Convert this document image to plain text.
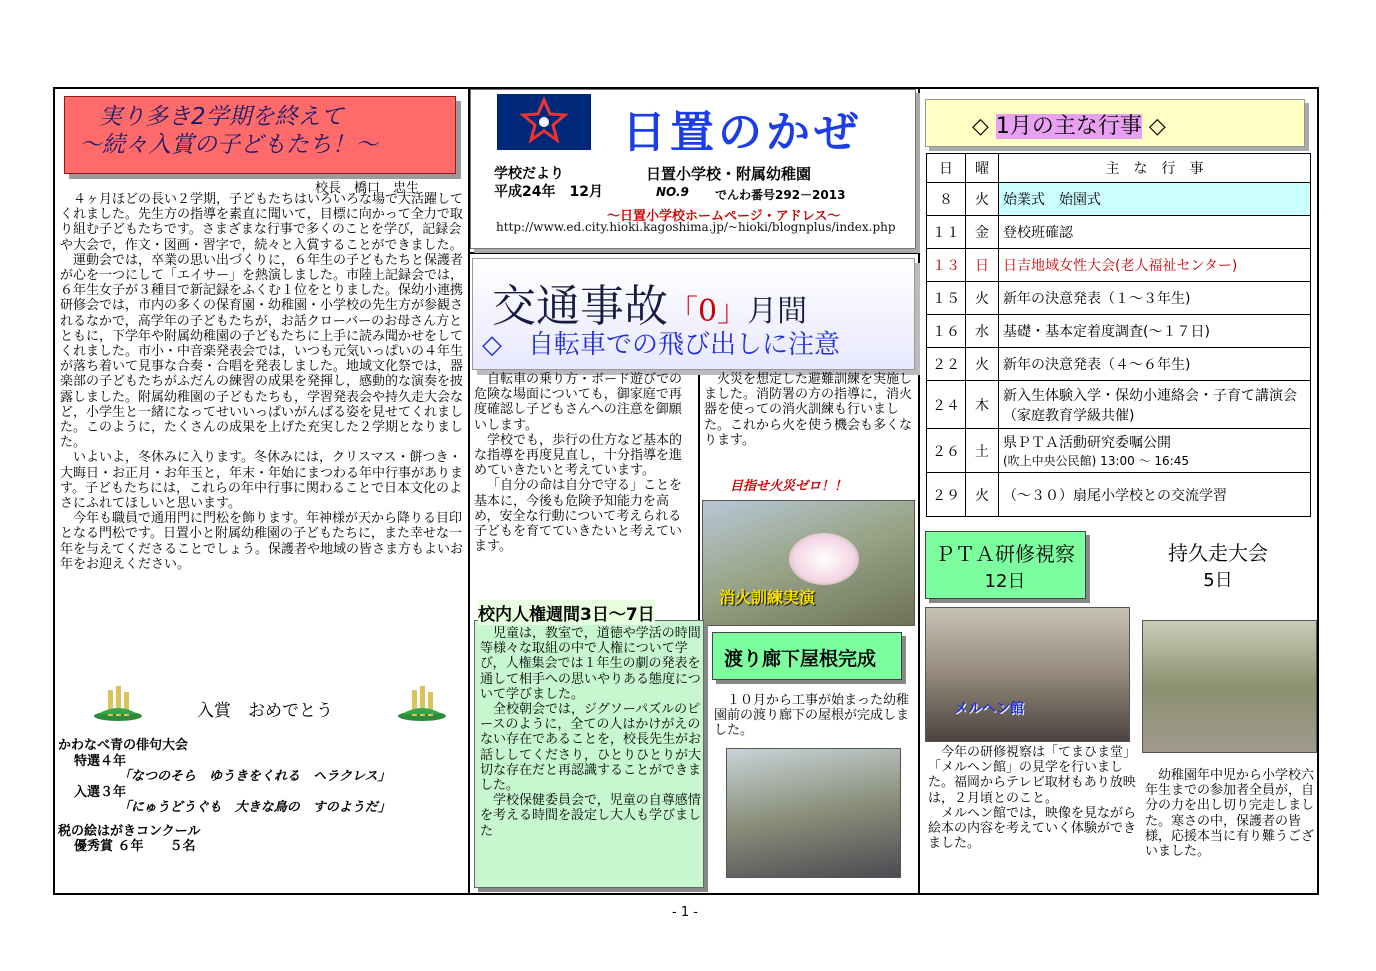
実り多き2学期を終えて
～続々入賞の子どもたち！～
校長　橋口　忠生

４ヶ月ほどの長い２学期，子どもたちはいろいろな場で大活躍してくれました。先生方の指導を素直に聞いて，目標に向かって全力で取り組む子どもたちです。さまざまな行事で多くのことを学び，記録会や大会で，作文・図画・習字で，続々と入賞することができました。

運動会では，卒業の思い出づくりに，６年生の子どもたちと保護者が心を一つにして「エイサー」を熱演しました。市陸上記録会では，６年生女子が３種目で新記録をふくむ１位をとりました。保幼小連携研修会では，市内の多くの保育園・幼稚園・小学校の先生方が参観されるなかで，高学年の子どもたちが，お話クローバーのお母さん方とともに，下学年や附属幼稚園の子どもたちに上手に読み聞かせをしてくれました。市小・中音楽発表会では，いつも元気いっぱいの４年生が落ち着いて見事な合奏・合唱を発表しました。地域文化祭では，器楽部の子どもたちがふだんの練習の成果を発揮し，感動的な演奏を披露しました。附属幼稚園の子どもたちも，学習発表会や持久走大会など，小学生と一緒になってせいいっぱいがんばる姿を見せてくれました。このように，たくさんの成果を上げた充実した２学期となりました。

いよいよ，冬休みに入ります。冬休みには，クリスマス・餅つき・大晦日・お正月・お年玉と，年末・年始にまつわる年中行事があります。子どもたちには，これらの年中行事に関わることで日本文化のよさにふれてほしいと思います。

今年も職員で通用門に門松を飾ります。年神様が天から降りる目印となる門松です。日置小と附属幼稚園の子どもたちに，また幸せな一年を与えてくださることでしょう。保護者や地域の皆さま方もよいお年をお迎えください。

入賞　おめでとう
かわなべ青の俳句大会
特選４年
「なつのそら　ゆうきをくれる　ヘラクレス」
入選３年
「にゅうどうぐも　大きな鳥の　すのようだ」
税の絵はがきコンクール
優秀賞 ６年　　５名
日置のかぜ
学校だより
平成24年　12月	NO.9
日置小学校・附属幼稚園
でんわ番号292－2013
～日置小学校ホームページ・アドレス～
http://www.ed.city.hioki.kagoshima.jp/~hioki/blognplus/index.php
交通事故「0」月間
◇　自転車での飛び出しに注意

自転車の乗り方・ボード遊びでの危険な場面についても，御家庭で再度確認し子どもさんへの注意を御願いします。

学校でも，歩行の仕方など基本的な指導を再度見直し，十分指導を進めていきたいと考えています。

「自分の命は自分で守る」ことを基本に，今後も危険予知能力を高め，安全な行動について考えられる子どもを育てていきたいと考えています。

火災を想定した避難訓練を実施しました。消防署の方の指導に，消火器を使っての消火訓練も行いました。これから火を使う機会も多くなります。

目指せ火災ゼロ！！
消火訓練実演
校内人権週間3日～7日

児童は，教室で，道徳や学活の時間等様々な取組の中で人権について学び，人権集会では１年生の劇の発表を通して相手への思いやりある態度について学びました。

全校朝会では，ジグソーパズルのピースのように，全ての人はかけがえのない存在であることを，校長先生がお話ししてくださり，ひとりひとりが大切な存在だと再認識することができました。

学校保健委員会で，児童の自尊感情を考える時間を設定し大人も学びました

渡り廊下屋根完成

１０月から工事が始まった幼稚園前の渡り廊下の屋根が完成しました。

◇ 1月の主な行事 ◇
日	曜	主　な　行　事
８	火	始業式　始園式
１１	金	登校班確認
１３	日	日吉地域女性大会(老人福祉センター)
１５	火	新年の決意発表（１～３年生)
１６	水	基礎・基本定着度調査(～１７日)
２２	火	新年の決意発表（４～６年生)
２４	木	新入生体験入学・保幼小連絡会・子育て講演会（家庭教育学級共催)
２６	土	県ＰＴＡ活動研究委嘱公開
(吹上中央公民館) 13:00 ～ 16:45

２９	火	（～３０）扇尾小学校との交流学習
ＰＴＡ研修視察
12日
持久走大会
5日
メルヘン館

今年の研修視察は「てまひま堂」「メルヘン館」の見学を行いました。福岡からテレビ取材もあり放映は，２月頃とのこと。

メルヘン館では，映像を見ながら絵本の内容を考えていく体験ができました。

幼稚園年中児から小学校六年生までの参加者全員が，自分の力を出し切り完走しました。寒さの中，保護者の皆様，応援本当に有り難うございました。

- 1 -
